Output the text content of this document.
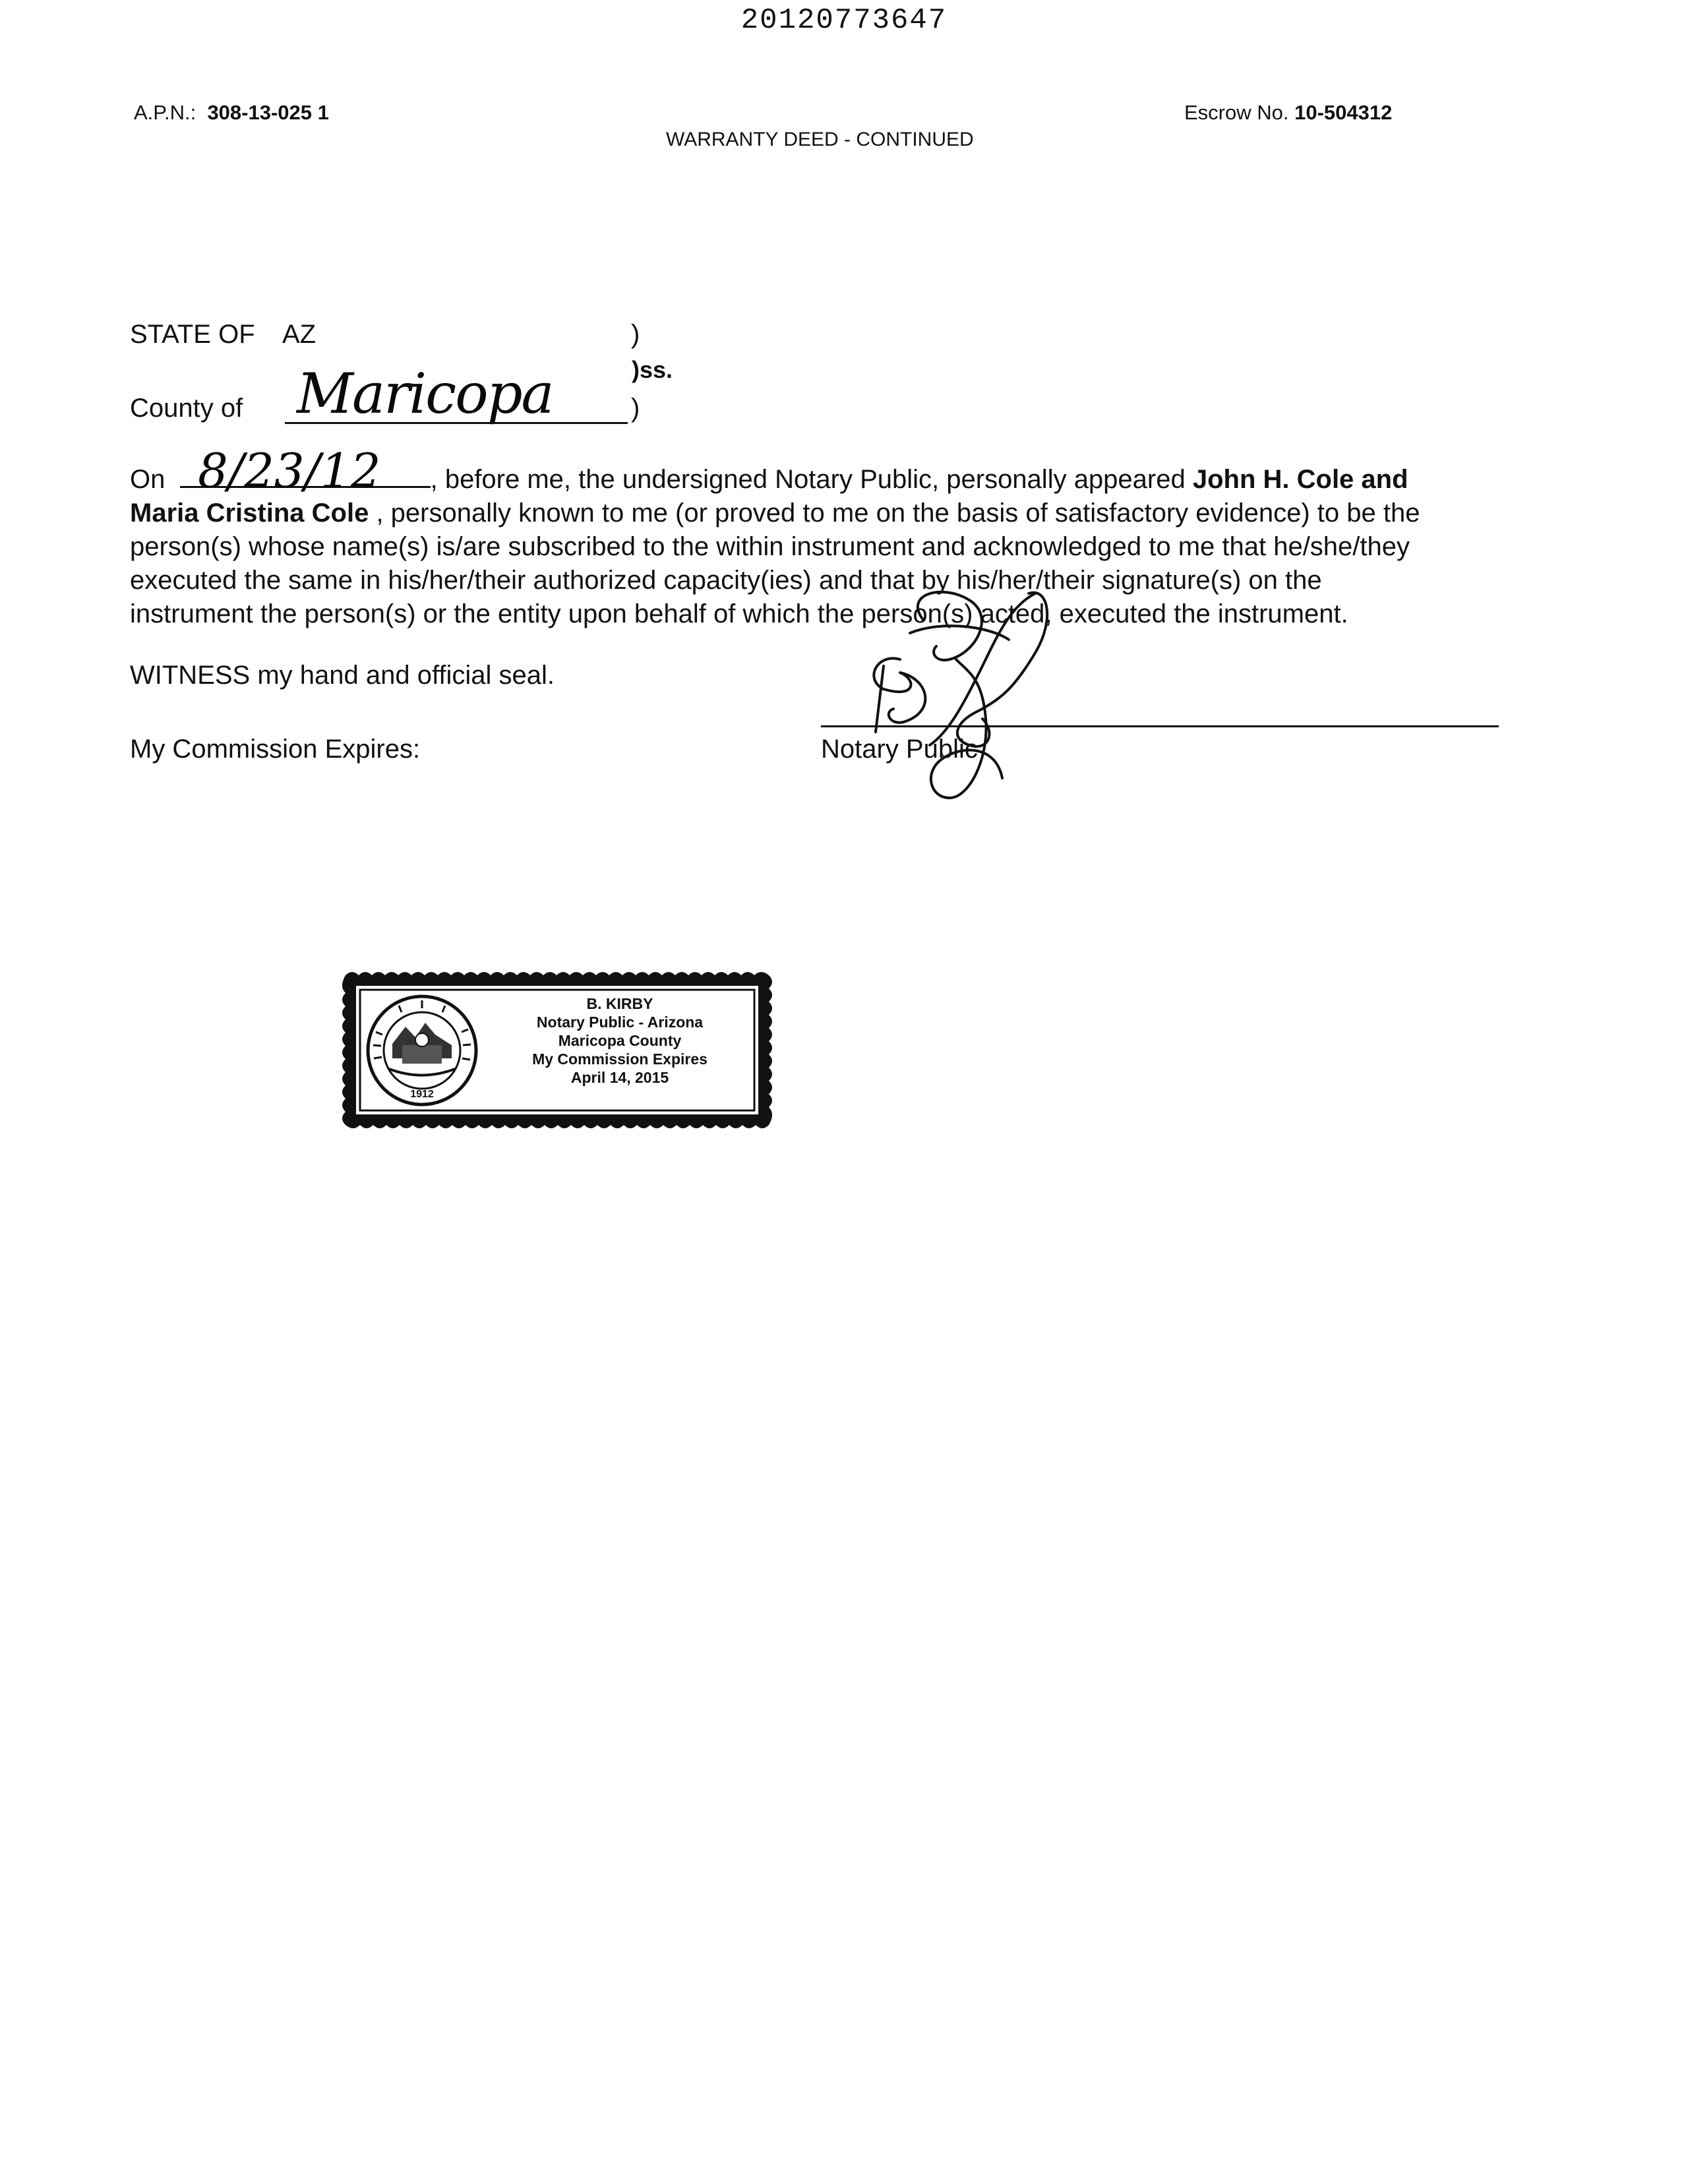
20120773647
A.P.N.: 308-13-025 1	Escrow No. 10-504312
WARRANTY DEED - CONTINUED
STATE OF AZ	)
)ss.
County of Maricopa	)
On	, before me, the undersigned Notary Public, personally appeared John H. Cole and
Maria Cristina Cole , personally known to me (or proved to me on the basis of satisfactory evidence) to be the
person(s) whose name(s) is/are subscribed to the within instrument and acknowledged to me that he/she/they
executed the same in his/her/their authorized capacity(ies) and that by his/her/their signature(s) on the
instrument the person(s) or the entity upon behalf of which the person(s) acted, executed the instrument.
8/23/12
WITNESS my hand and official seal.
My Commission Expires:	Notary Public
1912
B. KIRBY
Notary Public - Arizona
Maricopa County
My Commission Expires
April 14, 2015
